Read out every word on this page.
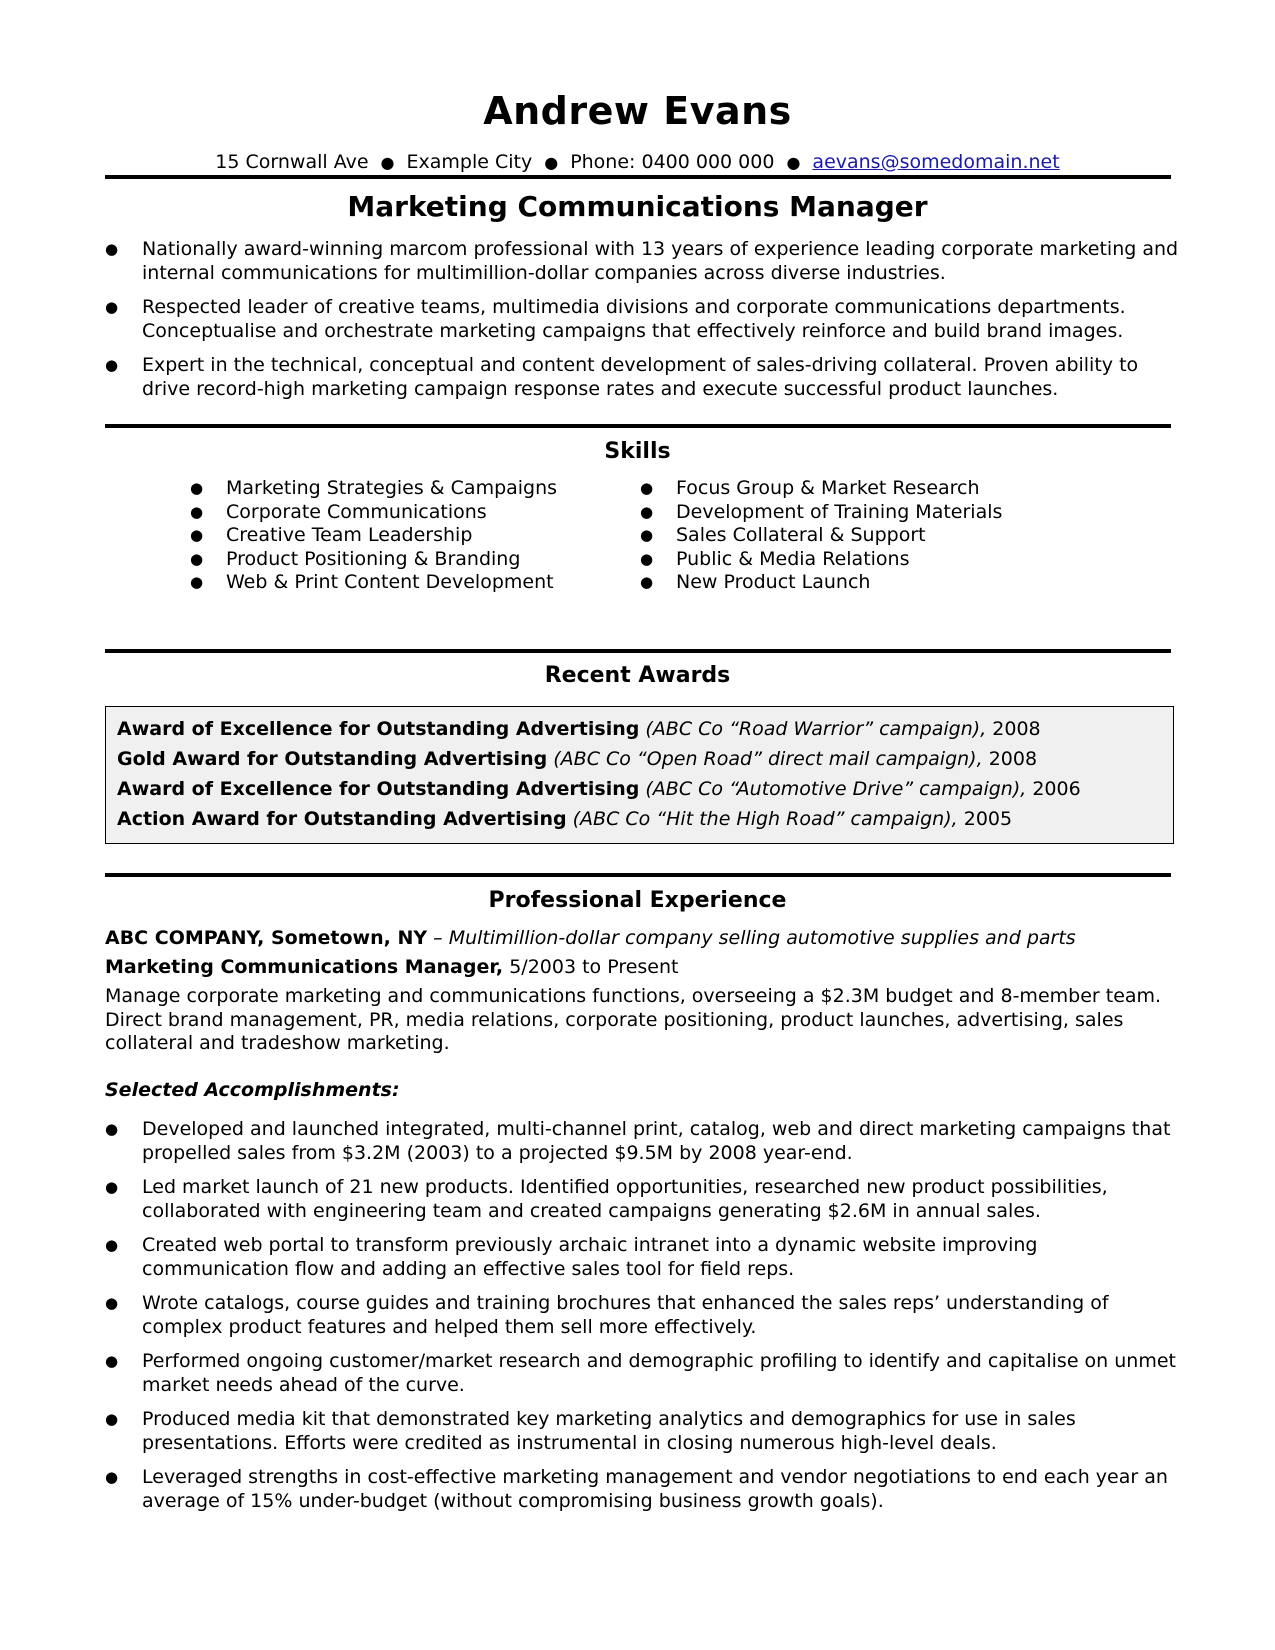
Andrew Evans
15 Cornwall Ave ● Example City ● Phone: 0400 000 000 ● aevans@somedomain.net
Marketing Communications Manager
● Nationally award-winning marcom professional with 13 years of experience leading corporate marketing and internal communications for multimillion-dollar companies across diverse industries.
● Respected leader of creative teams, multimedia divisions and corporate communications departments. Conceptualise and orchestrate marketing campaigns that effectively reinforce and build brand images.
● Expert in the technical, conceptual and content development of sales-driving collateral. Proven ability to drive record-high marketing campaign response rates and execute successful product launches.
Skills
● Marketing Strategies & Campaigns
● Corporate Communications
● Creative Team Leadership
● Product Positioning & Branding
● Web & Print Content Development
● Focus Group & Market Research
● Development of Training Materials
● Sales Collateral & Support
● Public & Media Relations
● New Product Launch
Recent Awards
Award of Excellence for Outstanding Advertising (ABC Co “Road Warrior” campaign), 2008
Gold Award for Outstanding Advertising (ABC Co “Open Road” direct mail campaign), 2008
Award of Excellence for Outstanding Advertising (ABC Co “Automotive Drive” campaign), 2006
Action Award for Outstanding Advertising (ABC Co “Hit the High Road” campaign), 2005
Professional Experience
ABC COMPANY, Sometown, NY – Multimillion-dollar company selling automotive supplies and parts
Marketing Communications Manager, 5/2003 to Present
Manage corporate marketing and communications functions, overseeing a $2.3M budget and 8-member team. Direct brand management, PR, media relations, corporate positioning, product launches, advertising, sales collateral and tradeshow marketing.
Selected Accomplishments:
● Developed and launched integrated, multi-channel print, catalog, web and direct marketing campaigns that propelled sales from $3.2M (2003) to a projected $9.5M by 2008 year-end.
● Led market launch of 21 new products. Identified opportunities, researched new product possibilities, collaborated with engineering team and created campaigns generating $2.6M in annual sales.
● Created web portal to transform previously archaic intranet into a dynamic website improving communication flow and adding an effective sales tool for field reps.
● Wrote catalogs, course guides and training brochures that enhanced the sales reps’ understanding of complex product features and helped them sell more effectively.
● Performed ongoing customer/market research and demographic profiling to identify and capitalise on unmet market needs ahead of the curve.
● Produced media kit that demonstrated key marketing analytics and demographics for use in sales presentations. Efforts were credited as instrumental in closing numerous high-level deals.
● Leveraged strengths in cost-effective marketing management and vendor negotiations to end each year an average of 15% under-budget (without compromising business growth goals).
